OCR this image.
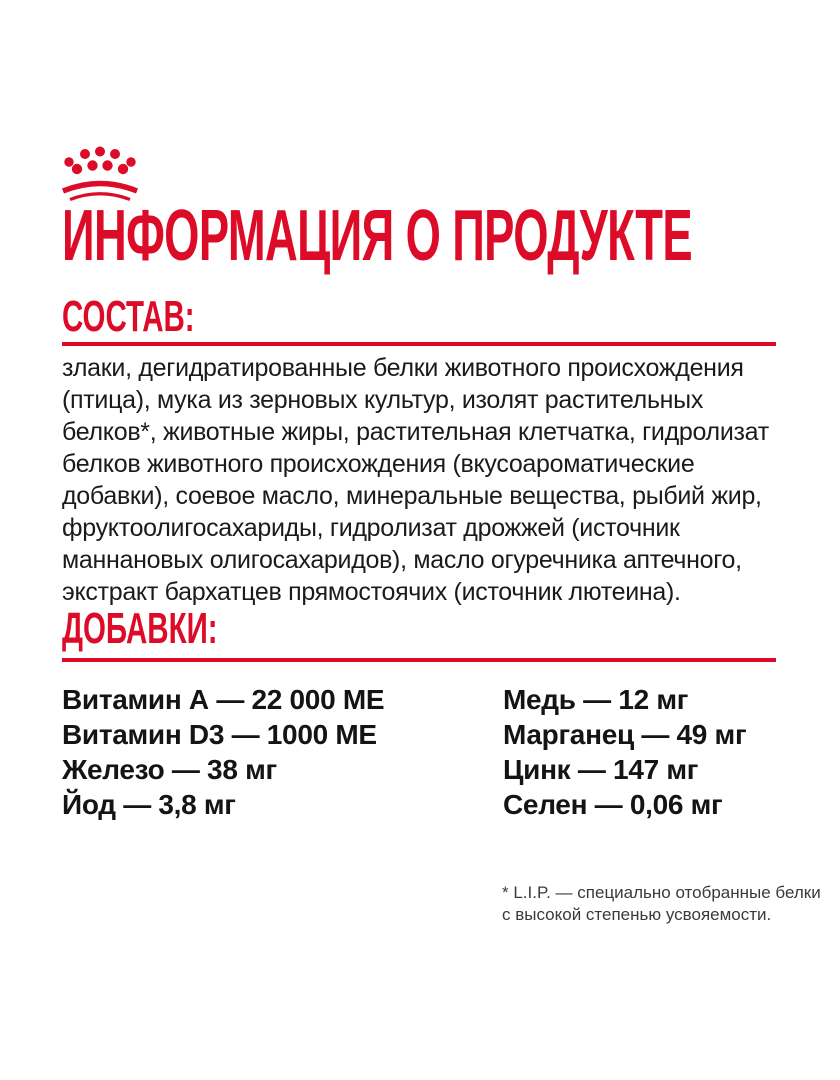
ИНФОРМАЦИЯ О ПРОДУКТЕ
СОСТАВ:
злаки, дегидратированные белки животного происхождения
(птица), мука из зерновых культур, изолят растительных
белков*, животные жиры, растительная клетчатка, гидролизат
белков животного происхождения (вкусоароматические
добавки), соевое масло, минеральные вещества, рыбий жир,
фруктоолигосахариды, гидролизат дрожжей (источник
маннановых олигосахаридов), масло огуречника аптечного,
экстракт бархатцев прямостоячих (источник лютеина).
ДОБАВКИ:
Витамин А — 22 000 МЕ
Витамин D3 — 1000 МЕ
Железо — 38 мг
Йод — 3,8 мг
Медь — 12 мг
Марганец — 49 мг
Цинк — 147 мг
Селен — 0,06 мг
* L.I.P. — специально отобранные белки
с высокой степенью усвояемости.
